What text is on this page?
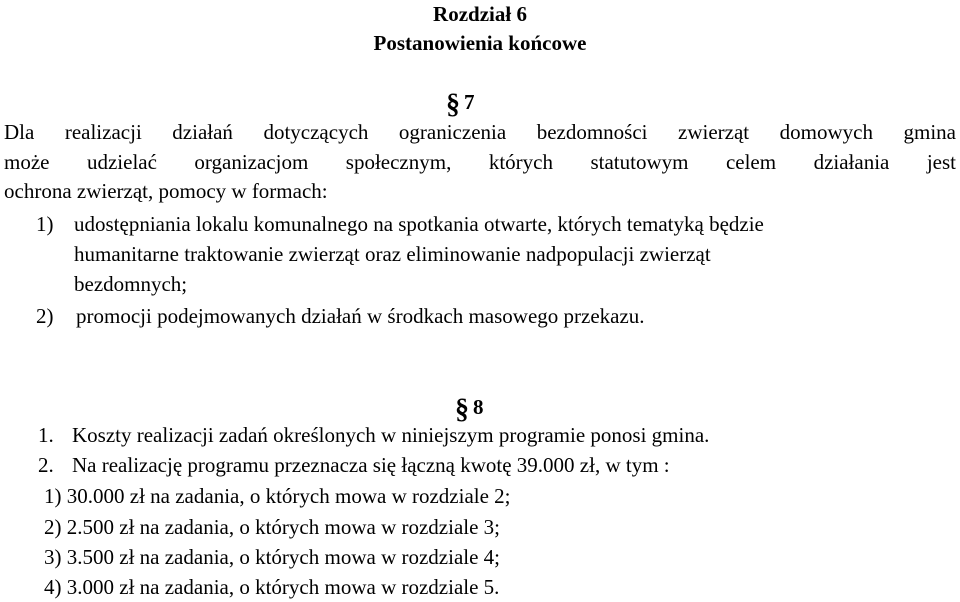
Rozdział 6
Postanowienia końcowe
§ 7
Dla realizacji działań dotyczących ograniczenia bezdomności zwierząt domowych gmina
może udzielać organizacjom społecznym, których statutowym celem działania jest
ochrona zwierząt, pomocy w formach:
1) udostępniania lokalu komunalnego na spotkania otwarte, których tematyką będzie
humanitarne traktowanie zwierząt oraz eliminowanie nadpopulacji zwierząt
bezdomnych;
2) promocji podejmowanych działań w środkach masowego przekazu.
§ 8
1. Koszty realizacji zadań określonych w niniejszym programie ponosi gmina.
2. Na realizację programu przeznacza się łączną kwotę 39.000 zł, w tym :
1) 30.000 zł na zadania, o których mowa w rozdziale 2;
2) 2.500 zł na zadania, o których mowa w rozdziale 3;
3) 3.500 zł na zadania, o których mowa w rozdziale 4;
4) 3.000 zł na zadania, o których mowa w rozdziale 5.
